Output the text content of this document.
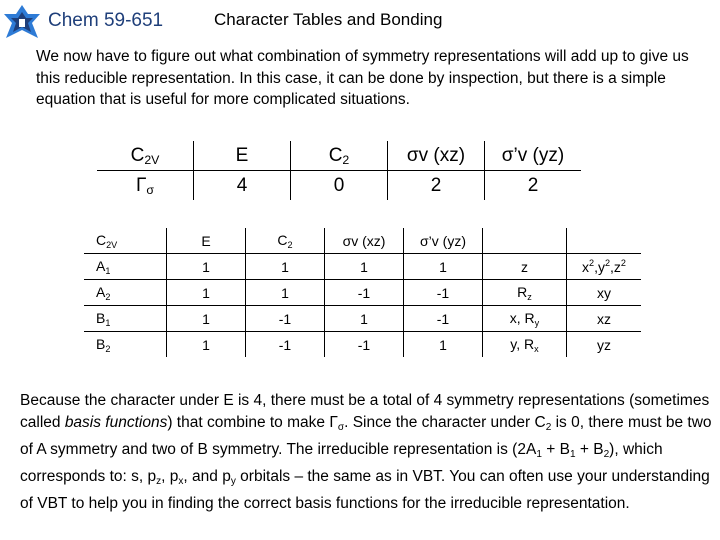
Chem 59-651	Character Tables and Bonding
We now have to figure out what combination of symmetry representations will add up to give us this reducible representation. In this case, it can be done by inspection, but there is a simple equation that is useful for more complicated situations.
$C_{2V}$	E	$C_2$	σv (xz)	σ’v (yz)
$\Gamma_\sigma$	4	0	2	2
$C_{2V}$	E	$C_2$	σv (xz)	σ’v (yz)		
$A_1$	1	1	1	1	z	$x^2,y^2,z^2$
$A_2$	1	1	-1	-1	$R_z$	xy
$B_1$	1	-1	1	-1	x, $R_y$	xz
$B_2$	1	-1	-1	1	y, $R_x$	yz
Because the character under E is 4, there must be a total of 4 symmetry representations (sometimes called basis functions) that combine to make $\Gamma_\sigma$. Since the character under $C_2$ is 0, there must be two of A symmetry and two of B symmetry. The irreducible representation is $(2A_1 + B_1 + B_2)$, which corresponds to: s, $p_z$, $p_x$, and $p_y$ orbitals – the same as in VBT. You can often use your understanding of VBT to help you in finding the correct basis functions for the irreducible representation.
